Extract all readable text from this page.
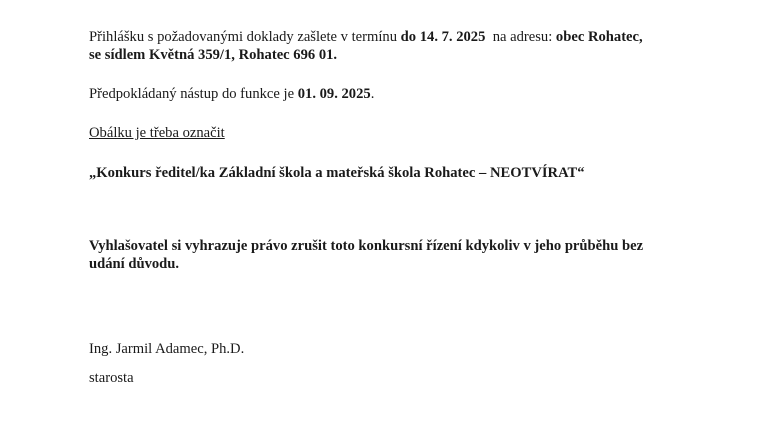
Přihlášku s požadovanými doklady zašlete v termínu do 14. 7. 2025  na adresu: obec Rohatec,
se sídlem Květná 359/1, Rohatec 696 01.
Předpokládaný nástup do funkce je 01. 09. 2025.
Obálku je třeba označit
„Konkurs ředitel/ka Základní škola a mateřská škola Rohatec – NEOTVÍRAT“
Vyhlašovatel si vyhrazuje právo zrušit toto konkursní řízení kdykoliv v jeho průběhu bez
udání důvodu.
Ing. Jarmil Adamec, Ph.D.
starosta
